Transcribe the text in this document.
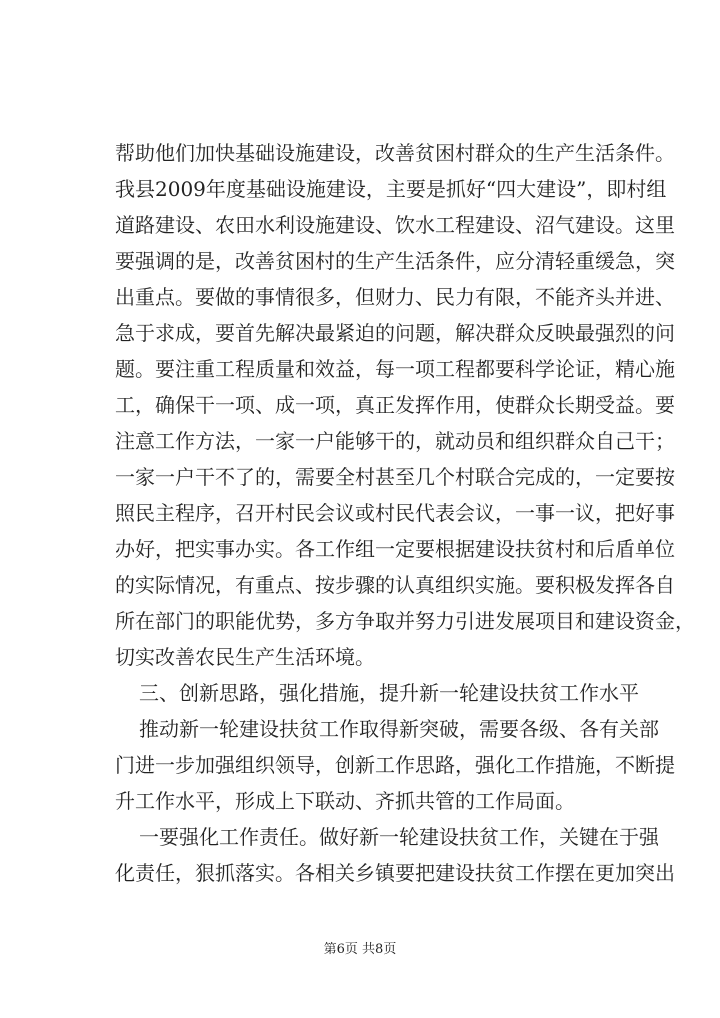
帮助他们加快基础设施建设，改善贫困村群众的生产生活条件。
我县2009年度基础设施建设，主要是抓好“四大建设”，即村组
道路建设、农田水利设施建设、饮水工程建设、沼气建设。这里
要强调的是，改善贫困村的生产生活条件，应分清轻重缓急，突
出重点。要做的事情很多，但财力、民力有限，不能齐头并进、
急于求成，要首先解决最紧迫的问题，解决群众反映最强烈的问
题。要注重工程质量和效益，每一项工程都要科学论证，精心施
工，确保干一项、成一项，真正发挥作用，使群众长期受益。要
注意工作方法，一家一户能够干的，就动员和组织群众自己干；
一家一户干不了的，需要全村甚至几个村联合完成的，一定要按
照民主程序，召开村民会议或村民代表会议，一事一议，把好事
办好，把实事办实。各工作组一定要根据建设扶贫村和后盾单位
的实际情况，有重点、按步骤的认真组织实施。要积极发挥各自
所在部门的职能优势，多方争取并努力引进发展项目和建设资金，
切实改善农民生产生活环境。
三、创新思路，强化措施，提升新一轮建设扶贫工作水平
推动新一轮建设扶贫工作取得新突破，需要各级、各有关部
门进一步加强组织领导，创新工作思路，强化工作措施，不断提
升工作水平，形成上下联动、齐抓共管的工作局面。
一要强化工作责任。做好新一轮建设扶贫工作，关键在于强
化责任，狠抓落实。各相关乡镇要把建设扶贫工作摆在更加突出
第6页 共8页
